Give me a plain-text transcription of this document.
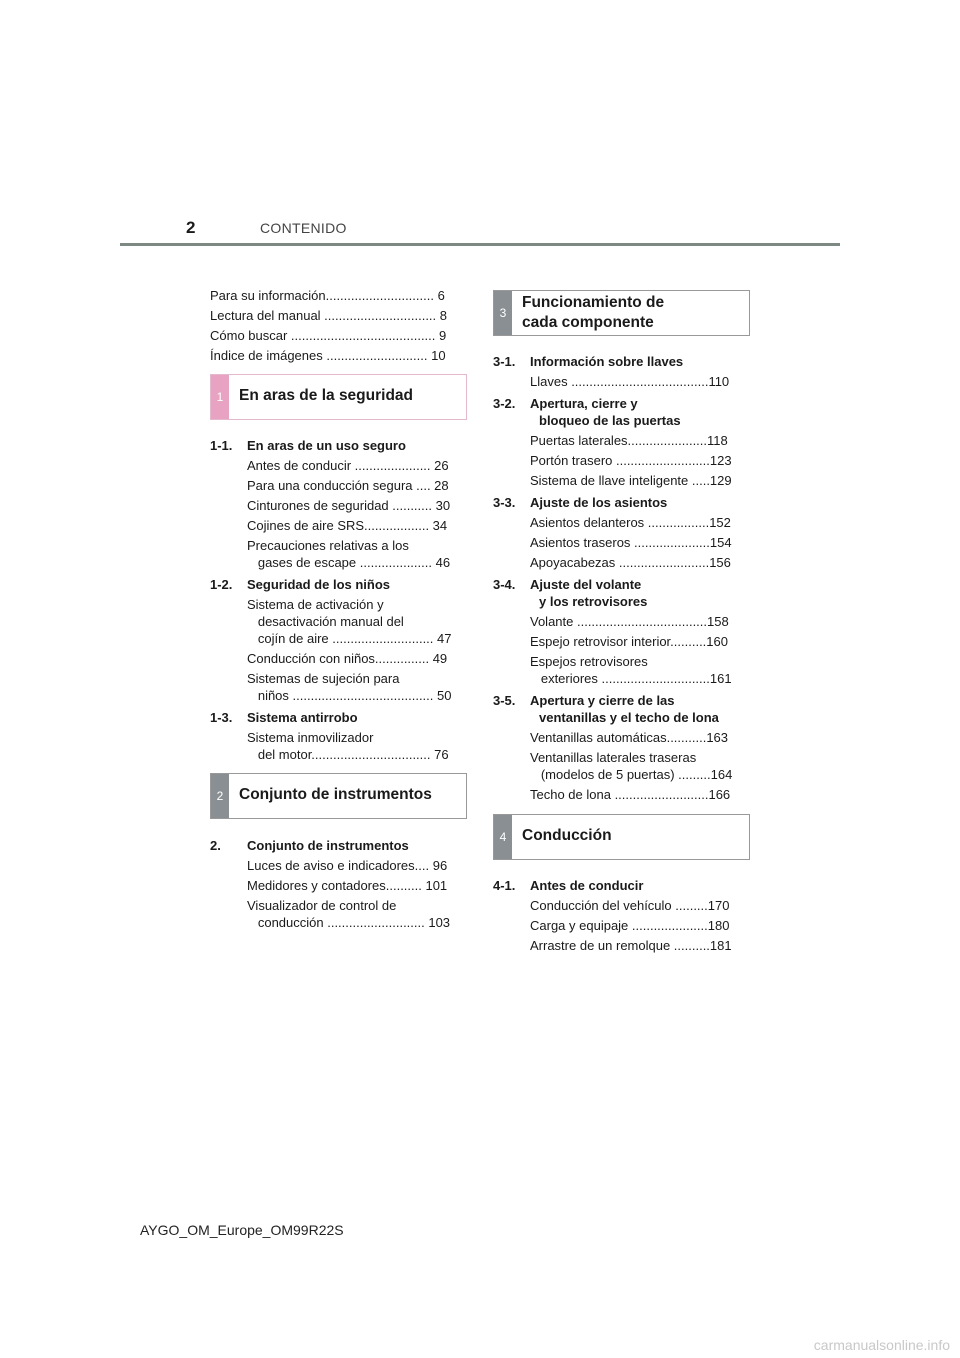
2	CONTENIDO
Para su información.............................. 6
Lectura del manual ............................... 8
Cómo buscar ........................................ 9
Índice de imágenes ............................ 10
1	En aras de la seguridad
1-1. En aras de un uso seguro
Antes de conducir ..................... 26
Para una conducción segura .... 28
Cinturones de seguridad ........... 30
Cojines de aire SRS.................. 34
Precauciones relativas a los
gases de escape .................... 46
1-2. Seguridad de los niños
Sistema de activación y
desactivación manual del
cojín de aire ............................ 47
Conducción con niños............... 49
Sistemas de sujeción para
niños ....................................... 50
1-3. Sistema antirrobo
Sistema inmovilizador
del motor................................. 76
2	Conjunto de instrumentos
2. Conjunto de instrumentos
Luces de aviso e indicadores.... 96
Medidores y contadores.......... 101
Visualizador de control de
conducción ........................... 103
3
Funcionamiento de
cada componente
3-1. Información sobre llaves
Llaves ......................................110
3-2. Apertura, cierre y
bloqueo de las puertas
Puertas laterales......................118
Portón trasero ..........................123
Sistema de llave inteligente .....129
3-3. Ajuste de los asientos
Asientos delanteros .................152
Asientos traseros .....................154
Apoyacabezas .........................156
3-4. Ajuste del volante
y los retrovisores
Volante ....................................158
Espejo retrovisor interior..........160
Espejos retrovisores
exteriores ..............................161
3-5. Apertura y cierre de las
ventanillas y el techo de lona
Ventanillas automáticas...........163
Ventanillas laterales traseras
(modelos de 5 puertas) .........164
Techo de lona ..........................166
4	Conducción
4-1. Antes de conducir
Conducción del vehículo .........170
Carga y equipaje .....................180
Arrastre de un remolque ..........181
AYGO_OM_Europe_OM99R22S
carmanualsonline.info
